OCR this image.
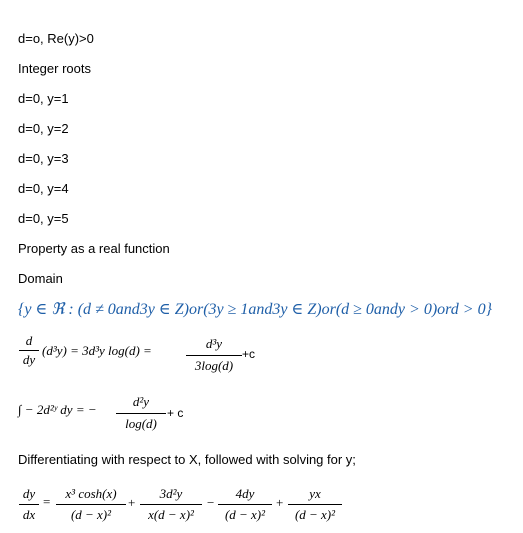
d=o, Re(y)>0
Integer roots
d=0, y=1
d=0, y=2
d=0, y=3
d=0, y=4
d=0, y=5
Property as a real function
Domain
{y ∈ ℜ : (d ≠ 0and3y ∈ Z)or(3y ≥ 1and3y ∈ Z)or(d ≥ 0andy > 0)ord > 0}
d
dy
(d³y) = 3d³y log(d) =	d³y
3log(d)
+c
∫ − 2d²ʸ dy = −
d²y
log(d)
+ c
Differentiating with respect to X, followed with solving for y;
dy
dx
=
x³ cosh(x)
(d − x)²
+
3d²y
x(d − x)²
−
4dy
(d − x)²
+
yx
(d − x)²
